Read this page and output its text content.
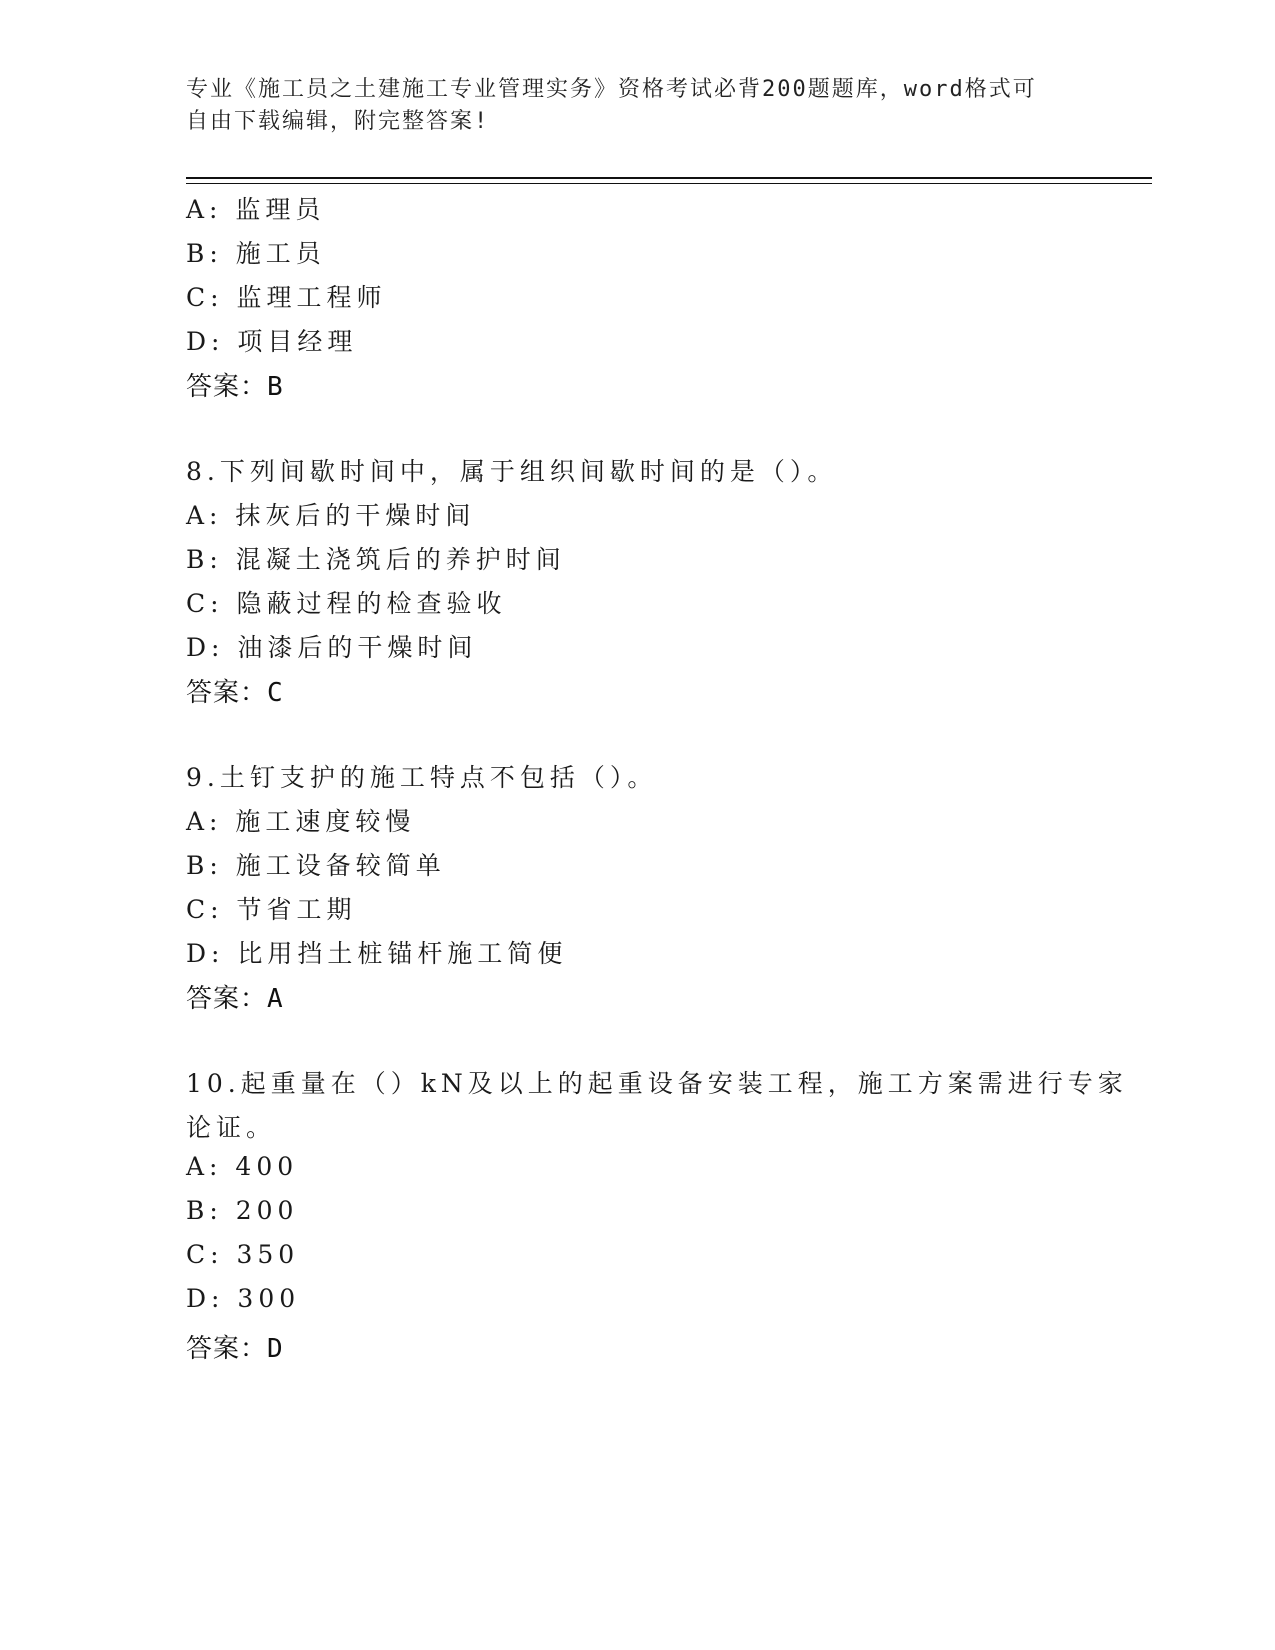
专业《施工员之土建施工专业管理实务》资格考试必背200题题库，word格式可
自由下载编辑，附完整答案!
A: 监理员
B: 施工员
C: 监理工程师
D: 项目经理
答案：B
8.下列间歇时间中，属于组织间歇时间的是（）。
A: 抹灰后的干燥时间
B: 混凝土浇筑后的养护时间
C: 隐蔽过程的检查验收
D: 油漆后的干燥时间
答案：C
9.土钉支护的施工特点不包括（）。
A: 施工速度较慢
B: 施工设备较简单
C: 节省工期
D: 比用挡土桩锚杆施工简便
答案：A
10.起重量在（）kN及以上的起重设备安装工程，施工方案需进行专家
论证。
A: 400
B: 200
C: 350
D: 300
答案：D
